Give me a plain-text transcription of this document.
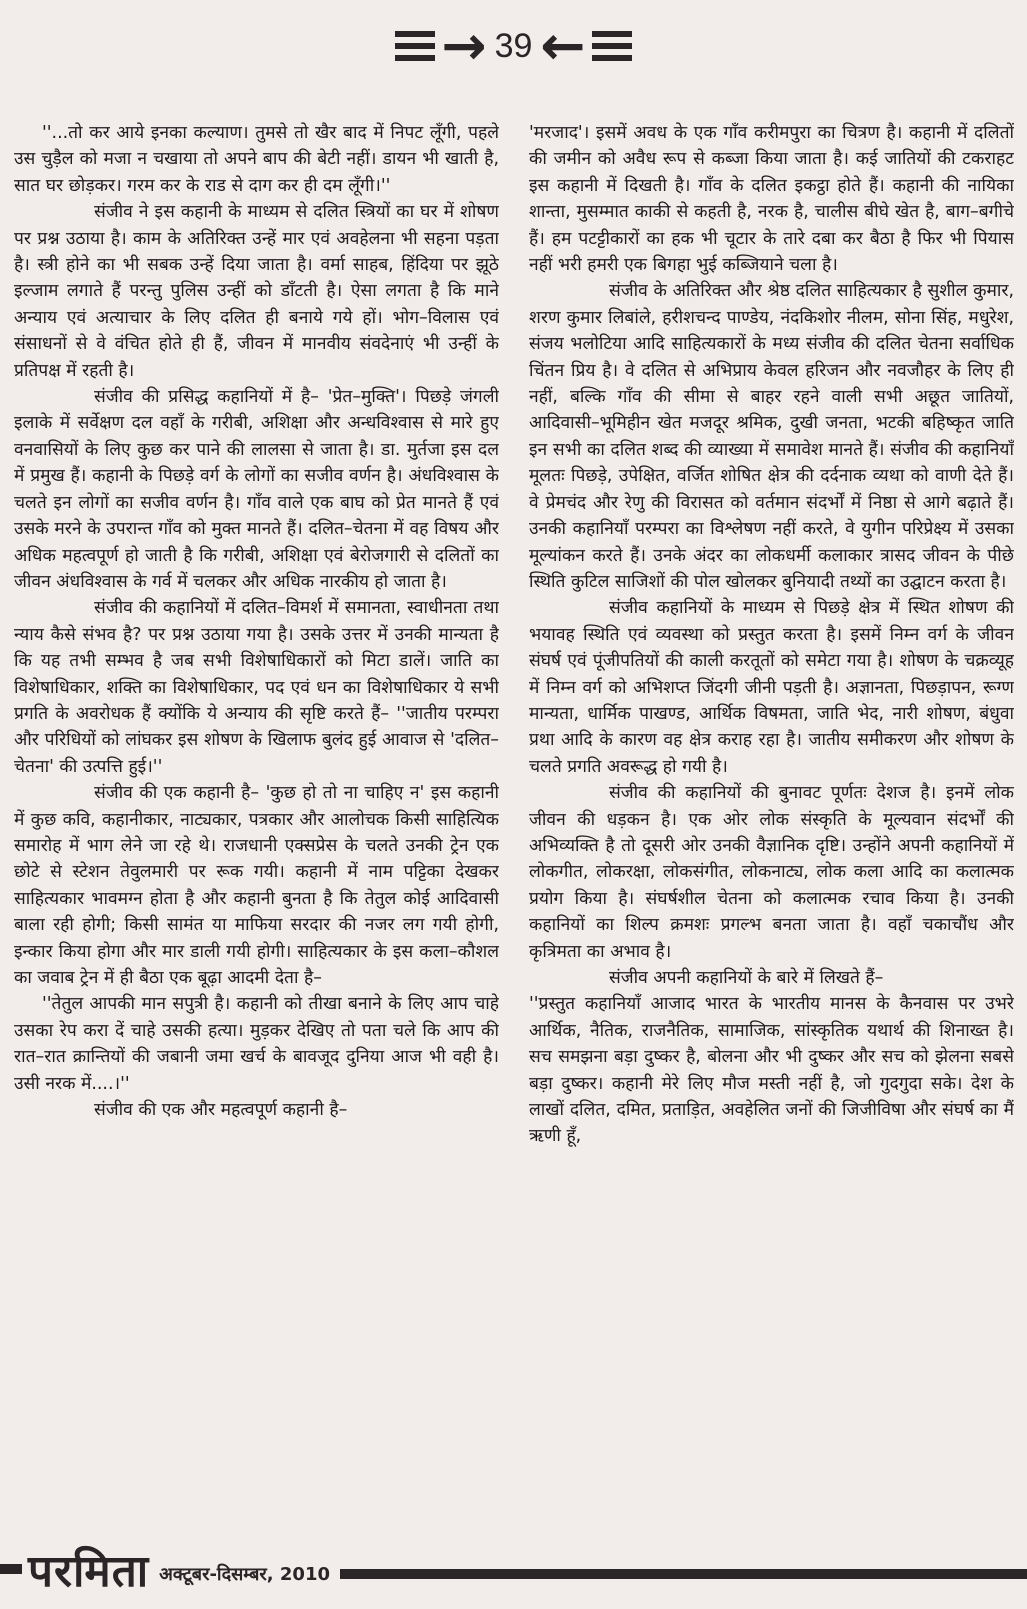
→ 39 ←

''...तो कर आये इनका कल्याण। तुमसे तो खैर बाद में निपट लूँगी, पहले उस चुड़ैल को मजा न चखाया तो अपने बाप की बेटी नहीं। डायन भी खाती है, सात घर छोड़कर। गरम कर के राड से दाग कर ही दम लूँगी।''

संजीव ने इस कहानी के माध्यम से दलित स्त्रियों का घर में शोषण पर प्रश्न उठाया है। काम के अतिरिक्त उन्हें मार एवं अवहेलना भी सहना पड़ता है। स्त्री होने का भी सबक उन्हें दिया जाता है। वर्मा साहब, हिंदिया पर झूठे इल्जाम लगाते हैं परन्तु पुलिस उन्हीं को डाँटती है। ऐसा लगता है कि माने अन्याय एवं अत्याचार के लिए दलित ही बनाये गये हों। भोग–विलास एवं संसाधनों से वे वंचित होते ही हैं, जीवन में मानवीय संवदेनाएं भी उन्हीं के प्रतिपक्ष में रहती है।

संजीव की प्रसिद्ध कहानियों में है– 'प्रेत–मुक्ति'। पिछड़े जंगली इलाके में सर्वेक्षण दल वहाँ के गरीबी, अशिक्षा और अन्धविश्वास से मारे हुए वनवासियों के लिए कुछ कर पाने की लालसा से जाता है। डा. मुर्तजा इस दल में प्रमुख हैं। कहानी के पिछड़े वर्ग के लोगों का सजीव वर्णन है। अंधविश्वास के चलते इन लोगों का सजीव वर्णन है। गाँव वाले एक बाघ को प्रेत मानते हैं एवं उसके मरने के उपरान्त गाँव को मुक्त मानते हैं। दलित–चेतना में वह विषय और अधिक महत्वपूर्ण हो जाती है कि गरीबी, अशिक्षा एवं बेरोजगारी से दलितों का जीवन अंधविश्वास के गर्व में चलकर और अधिक नारकीय हो जाता है।

संजीव की कहानियों में दलित–विमर्श में समानता, स्वाधीनता तथा न्याय कैसे संभव है? पर प्रश्न उठाया गया है। उसके उत्तर में उनकी मान्यता है कि यह तभी सम्भव है जब सभी विशेषाधिकारों को मिटा डालें। जाति का विशेषाधिकार, शक्ति का विशेषाधिकार, पद एवं धन का विशेषाधिकार ये सभी प्रगति के अवरोधक हैं क्योंकि ये अन्याय की सृष्टि करते हैं– ''जातीय परम्परा और परिधियों को लांघकर इस शोषण के खिलाफ बुलंद हुई आवाज से 'दलित–चेतना' की उत्पत्ति हुई।''

संजीव की एक कहानी है– 'कुछ हो तो ना चाहिए न' इस कहानी में कुछ कवि, कहानीकार, नाट्यकार, पत्रकार और आलोचक किसी साहित्यिक समारोह में भाग लेने जा रहे थे। राजधानी एक्सप्रेस के चलते उनकी ट्रेन एक छोटे से स्टेशन तेवुलमारी पर रूक गयी। कहानी में नाम पट्टिका देखकर साहित्यकार भावमग्न होता है और कहानी बुनता है कि तेतुल कोई आदिवासी बाला रही होगी; किसी सामंत या माफिया सरदार की नजर लग गयी होगी, इन्कार किया होगा और मार डाली गयी होगी। साहित्यकार के इस कला–कौशल का जवाब ट्रेन में ही बैठा एक बूढ़ा आदमी देता है–

''तेतुल आपकी मान सपुत्री है। कहानी को तीखा बनाने के लिए आप चाहे उसका रेप करा दें चाहे उसकी हत्या। मुड़कर देखिए तो पता चले कि आप की रात–रात क्रान्तियों की जबानी जमा खर्च के बावजूद दुनिया आज भी वही है। उसी नरक में....।''

संजीव की एक और महत्वपूर्ण कहानी है–

'मरजाद'। इसमें अवध के एक गाँव करीमपुरा का चित्रण है। कहानी में दलितों की जमीन को अवैध रूप से कब्जा किया जाता है। कई जातियों की टकराहट इस कहानी में दिखती है। गाँव के दलित इकट्ठा होते हैं। कहानी की नायिका शान्ता, मुसम्मात काकी से कहती है, नरक है, चालीस बीघे खेत है, बाग–बगीचे हैं। हम पटट्टीकारों का हक भी चूटार के तारे दबा कर बैठा है फिर भी पियास नहीं भरी हमरी एक बिगहा भुई कब्जियाने चला है।

संजीव के अतिरिक्त और श्रेष्ठ दलित साहित्यकार है सुशील कुमार, शरण कुमार लिबांले, हरीशचन्द पाण्डेय, नंदकिशोर नीलम, सोना सिंह, मधुरेश, संजय भलोटिया आदि साहित्यकारों के मध्य संजीव की दलित चेतना सर्वाधिक चिंतन प्रिय है। वे दलित से अभिप्राय केवल हरिजन और नवजौहर के लिए ही नहीं, बल्कि गाँव की सीमा से बाहर रहने वाली सभी अछूत जातियों, आदिवासी–भूमिहीन खेत मजदूर श्रमिक, दुखी जनता, भटकी बहिष्कृत जाति इन सभी का दलित शब्द की व्याख्या में समावेश मानते हैं। संजीव की कहानियाँ मूलतः पिछड़े, उपेक्षित, वर्जित शोषित क्षेत्र की दर्दनाक व्यथा को वाणी देते हैं। वे प्रेमचंद और रेणु की विरासत को वर्तमान संदर्भों में निष्ठा से आगे बढ़ाते हैं। उनकी कहानियाँ परम्परा का विश्लेषण नहीं करते, वे युगीन परिप्रेक्ष्य में उसका मूल्यांकन करते हैं। उनके अंदर का लोकधर्मी कलाकार त्रासद जीवन के पीछे स्थिति कुटिल साजिशों की पोल खोलकर बुनियादी तथ्यों का उद्घाटन करता है।

संजीव कहानियों के माध्यम से पिछड़े क्षेत्र में स्थित शोषण की भयावह स्थिति एवं व्यवस्था को प्रस्तुत करता है। इसमें निम्न वर्ग के जीवन संघर्ष एवं पूंजीपतियों की काली करतूतों को समेटा गया है। शोषण के चक्रव्यूह में निम्न वर्ग को अभिशप्त जिंदगी जीनी पड़ती है। अज्ञानता, पिछड़ापन, रूग्ण मान्यता, धार्मिक पाखण्ड, आर्थिक विषमता, जाति भेद, नारी शोषण, बंधुवा प्रथा आदि के कारण वह क्षेत्र कराह रहा है। जातीय समीकरण और शोषण के चलते प्रगति अवरूद्ध हो गयी है।

संजीव की कहानियों की बुनावट पूर्णतः देशज है। इनमें लोक जीवन की धड़कन है। एक ओर लोक संस्कृति के मूल्यवान संदर्भों की अभिव्यक्ति है तो दूसरी ओर उनकी वैज्ञानिक दृष्टि। उन्होंने अपनी कहानियों में लोकगीत, लोकरक्षा, लोकसंगीत, लोकनाट्य, लोक कला आदि का कलात्मक प्रयोग किया है। संघर्षशील चेतना को कलात्मक रचाव किया है। उनकी कहानियों का शिल्प क्रमशः प्रगल्भ बनता जाता है। वहाँ चकाचौंध और कृत्रिमता का अभाव है।

संजीव अपनी कहानियों के बारे में लिखते हैं–

''प्रस्तुत कहानियाँ आजाद भारत के भारतीय मानस के कैनवास पर उभरे आर्थिक, नैतिक, राजनैतिक, सामाजिक, सांस्कृतिक यथार्थ की शिनाख्त है। सच समझना बड़ा दुष्कर है, बोलना और भी दुष्कर और सच को झेलना सबसे बड़ा दुष्कर। कहानी मेरे लिए मौज मस्ती नहीं है, जो गुदगुदा सके। देश के लाखों दलित, दमित, प्रताड़ित, अवहेलित जनों की जिजीविषा और संघर्ष का मैं ऋणी हूँ,

परमिता अक्टूबर-दिसम्बर, 2010
